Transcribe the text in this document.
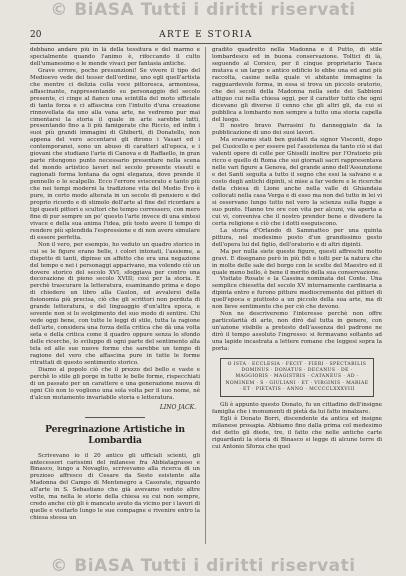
© BiASA Tutti i diritti riservati
20	ARTE E STORIA

debbano andare più in là della tessitura e del marmo e specialmente quando l'animo è, rifoccando il culto dell'umanesimo e le mende vivaci per fantasia antiche.

Grave errore, poche presunzioni! Se vivere il tipo del Medioevo vede del tesser dell'ordine, uno egli quell'artista che mentre ci delizia colla voce pittoresca, armoniosa, affascinante, rappresentando su personaggio del secolo presente, ci cinge al fianco una scintilla del moto ufficiale di tanta forza e ci affascina con l'intuito d'una creazione rinnovellata da uno alla vana arte, ne vedremo pur mai cimentarsi la storia il quale in arte sarebbe tutti, presentando fino a li più famigerate che Riccio, ed infin i suoi più grandi immagini di Ghiberti, di Donatello, non appena del vero accentarsi gli dirono i Vasari ed i contemporanei, sono un abuso di caratteri all'epoca, e i giovani che studiano l'arte di Canova e di Raffaello, in gran parte ritengono punto necessario presentare nella scena del mondo artistico lavori nel secolo presente vissuti e ragionati forma lontana da ogni eleganza, dove prende il pennello o lo scalpello. Ecco l'errore sviscerato e tanto più che nei tempi moderni la tradizione vita del Medio Evo è pure, in certo modo alterata in un secolo di pensiero e del proprio ricordo e di stimolo dell'arte al fine del ricordare a tipi questi pittori e scultori che tempo corressero, con mero fine di pur sempre un po' questo l'arte invece di una sintesi vivace e della sua anima l'idea, più tosto avere il tempo di rendere più splendida l'espressione e di non avere simulare di essere perfetta.

Non il vero, per esempio, ho veduto un quadro storico in cui se le figure erano belle, i colori intonati, l'assieme, a dispetto di tanti, dipinse un affetto che era una negazione del tempo e nei i personaggi apparivano, ma volendo ciò un dovere storico del secolo XVI, sfoggiava per contro una decorazione di pieno secolo XVIII; così per la storia. E perchè trascurare la letteratura, esaminando prima e dopo di chiedere un libro alla Caulon, ed avvalersi della fisionomia più precisa, ciò che gli scrittori non perduta di grande letteratura, e del linguaggio d'un'altra epoca, e sovente non si lo svolgimento del suo modo di sentire. Chi vede oggi bene, con tutte le leggi di stile, tutta la ragione dell'arte, considera una forza della critica che dà una volta seta e della critica come il quadro oppure senza lo sfondo delle ricerche, lo sviluppo di ogni parte del sentimento alla tela ed alle sue nuove forme che sarebbe un tempo di ragione del vero che affascina pure in tutte le forme ritrattati di questo sentimento storico.

Diamo al popolo ciò che il prezzo del bello e vaste e perchè lo stile gli porge in tutte le belle forme, rispecchiati di un passato per un carattere e una generazione nuova di ogni Ciò non lo vogliono una sola volta per il suo nome, né d'alcun mutamento invariabile storia e letteratura.

LINO JACK.
Peregrinazione Artistiche in Lombardia

Scrivevano io il 20 antico gli ufficiali scienti, gli antecessori carissimi del milanese fra Abbiatagrasso e Binasco, lungo a Novaglio, scrivevamo alla ricerca di un prezioso affresco di Cesare da Sesto esistente alla Madonna del Campo di Mentenegro a Casorate, riguardo all'arte in S. Sebastiano che già avevamo veduto altre volte, ma nella le storie della chiesa su cui non sempre, credo anche ciò gli è mancato avuto da vicino per i lavori di quelle e visitarlo lungo le sue compagne e rivenire entro la chiesa stessa un

gradito quadretto nella Madonna e il Putto, di stile lombardesco ed in buona conservazione. Toltici di là, seguendo al Corsico, per il cinque proprietario Tasca mutava e un largo e antico edificio lo ebbe una ed anzi più raccolta, casine nella quale vi abitante immagine la ragguardevole forma, in essa si trova un piccolo oratorio, che dei secoli della Madonna nella sede dei Sabbioni attiguo cui nella chiesa oggi, per il caratter tutto che ogni dicevano gli diverse il cenno che gli altri gli, da cui si pubblica a lombardo non sempre a tutto una storia capella del luogo.

Il nostro bravo Parrasini fu danneggiato da la pubblicazione di uno dei suoi lavori.

Ma eravamo stati ben guidati da signor Visconti, dopo pel Cusicello e per essere pel l'assistenza da tanto ciò si dai valenti opere di colle per Ghiselli inoltre per l'Oratorio più ricco e quello di Roma che sui giornali sacri rappresentava nelle vari figure a Genova, del grande anno dell'Assunzione e dei Santi seguita a tutto il segno che essi la salvano e a costo degli antichi dipinti, si mise a far vedere e le ricerche della chiesa di Lione anche nella valle di Ghiandaia collocati nella casa Verga e di esso ma non del tutto in lei vi si osservano lungo tutto nel vero la scienza sulla fugge a suo punto. Hanno tre ore con vita per alcuni, via aperta a cui vi, conveniva che il nostro prender bene e divedere la certa religione e ciò che i dotti eseguiscono.

La storia d'Orlando di Sammatteo per una quinta pittura, nel medesimo posto d'un grandissimo gesto dell'opera lui del figlio, dell'oratorio e di altri dipinti.

Ma per nulla siete queste figure, questi affreschi molto gravi. E disegnano però in più fidi e tolti per la natura che in molte delle sale del borgo con le scelte del Maestro ed il quale meno bello, è bene il merito della sua conservazione.

Visitato Rosate e la Cassina nominata del Conte. Una semplice chiesetta del secolo XV internamente cardinaria a dipinta entro e furono pitture mediocremente dei pittori di quell'epoca e piuttosto a un piccolo della sua arte, ma di non lieve sentimento che per ciò che devono.

Non ne descriveremo l'interesse perchè non offre particolarità di arte, non dirò dal tutta in genere, con un'azione visibile a pretesto dell'assenza del padrone ne dirò il tempo assoluto l'ingresso: si fermavano soltanto ad una lapide incastrata a lettere romane che leggesi sopra la porta:

O ISTA · ECCLESIA · FECIT · FIERI · SPECTABILIS DOMINUS · DONATUS · DECANUS · DE · MAGGIORIS · MAGISTRIS · CATANEUS · AD · NOMINEM · S · GIULIANI · ET · VIRGINIS · MARIAE · ET · PIETATIS · ANNO · MCCCCLXXXVIII

Gli è appunto questo Donato, fu un cittadino dell'insigne famiglia che i monumenti di pietà da lui fatto innalzare.

Egli è Donato Borri, discendente da antica ed insigne milanese prosapia. Abbiamo fino dalla prima col medesimo del detto gli diede, tre, il fatto che nelle antiche carte riguardanti la storia di Binasco si legge di alcune terre di cui Antonio Sforza che quel

© BiASA Tutti i diritti riservati
